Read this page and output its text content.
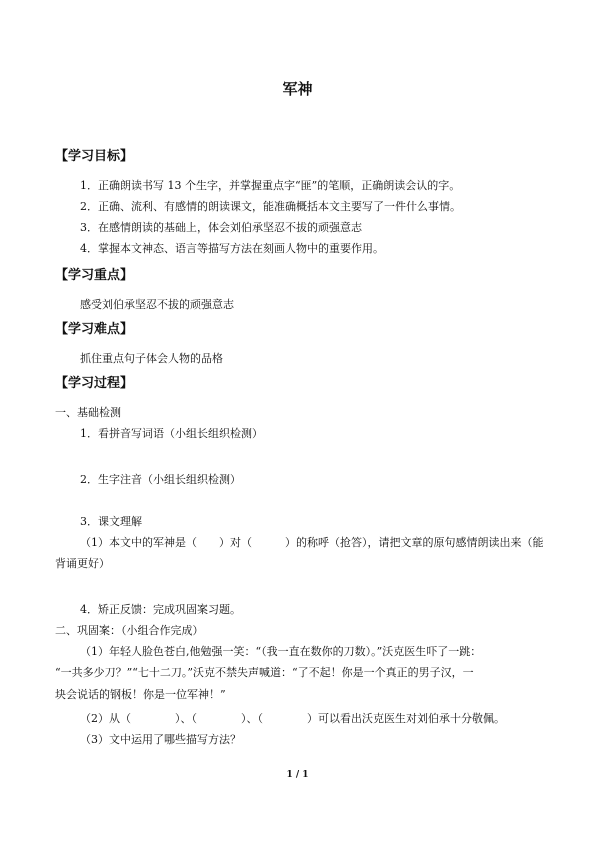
军神
【学习目标】
1．正确朗读书写 13 个生字，并掌握重点字“匪”的笔顺，正确朗读会认的字。
2．正确、流利、有感情的朗读课文，能准确概括本文主要写了一件什么事情。
3．在感情朗读的基础上，体会刘伯承坚忍不拔的顽强意志
4．掌握本文神态、语言等描写方法在刻画人物中的重要作用。
【学习重点】
感受刘伯承坚忍不拔的顽强意志
【学习难点】
抓住重点句子体会人物的品格
【学习过程】
一、基础检测
1．看拼音写词语（小组长组织检测）
2．生字注音（小组长组织检测）
3．课文理解
（1）本文中的军神是（　　）对（　　　）的称呼（抢答），请把文章的原句感情朗读出来（能背诵更好）
4．矫正反馈：完成巩固案习题。
二、巩固案：（小组合作完成）
（1）年轻人脸色苍白,他勉强一笑：“（我一直在数你的刀数）。”沃克医生吓了一跳：
“一共多少刀？”“七十二刀。”沃克不禁失声喊道：“了不起！你是一个真正的男子汉，一
块会说话的钢板！你是一位军神！”
（2）从（　　　　）、（　　　　）、（　　　　）可以看出沃克医生对刘伯承十分敬佩。
（3）文中运用了哪些描写方法？
1 / 1
